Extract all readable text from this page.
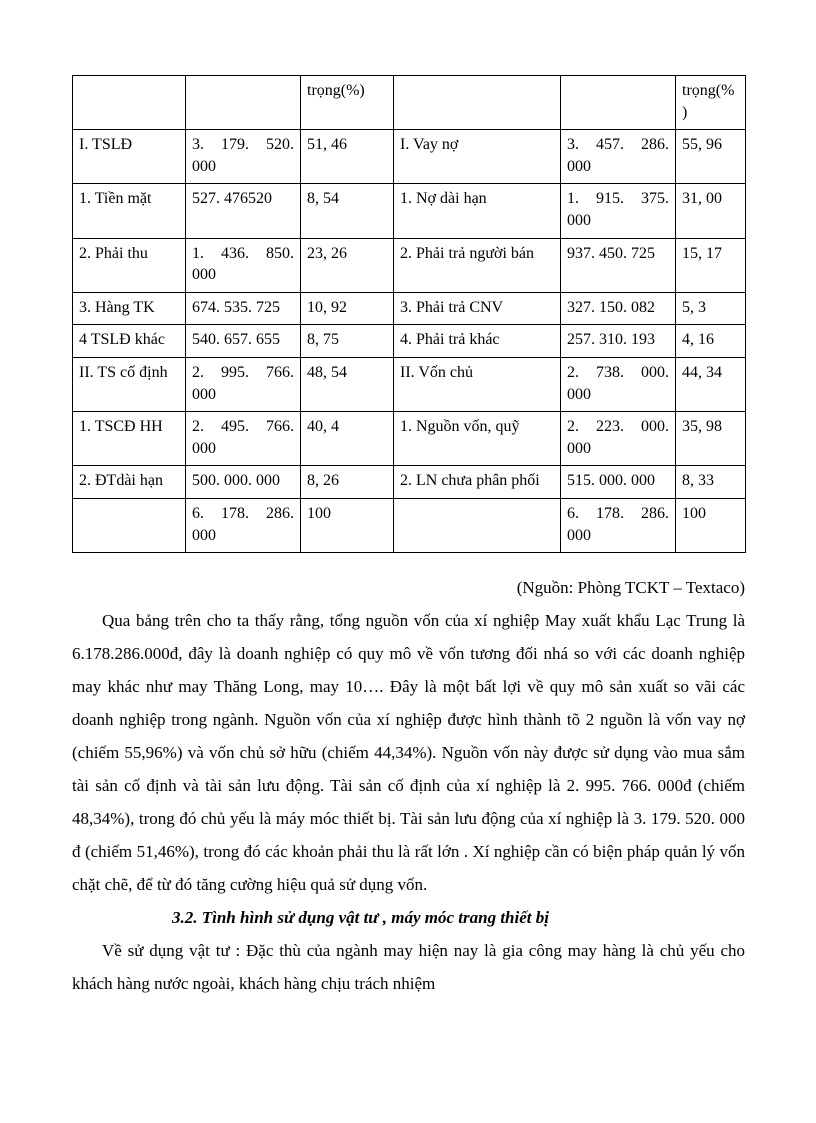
		trọng(%)			trọng(%)
I. TSLĐ	3. 179. 520. 000	51, 46	I. Vay nợ	3. 457. 286. 000	55, 96
1. Tiền mặt	527. 476520	8, 54	1. Nợ dài hạn	1. 915. 375. 000	31, 00
2. Phải thu	1. 436. 850. 000	23, 26	2. Phải trả người bán	937. 450. 725	15, 17
3. Hàng TK	674. 535. 725	10, 92	3. Phải trả CNV	327. 150. 082	5, 3
4 TSLĐ khác	540. 657. 655	8, 75	4. Phải trả khác	257. 310. 193	4, 16
II. TS cố định	2. 995. 766. 000	48, 54	II. Vốn chủ	2. 738. 000. 000	44, 34
1. TSCĐ HH	2. 495. 766. 000	40, 4	1. Nguồn vốn, quỹ	2. 223. 000. 000	35, 98
2. ĐTdài hạn	500. 000. 000	8, 26	2. LN chưa phân phối	515. 000. 000	8, 33
	6. 178. 286. 000	100		6. 178. 286. 000	100

(Nguồn: Phòng TCKT – Textaco)

Qua bảng trên cho ta thấy rằng, tổng nguồn vốn của xí nghiệp May xuất khẩu Lạc Trung là 6.178.286.000đ, đây là doanh nghiệp có quy mô về vốn tương đối nhá so với các doanh nghiệp may khác như may Thăng Long, may 10…. Đây là một bất lợi về quy mô sản xuất so vãi các doanh nghiệp trong ngành. Nguồn vốn của xí nghiệp được hình thành tõ 2 nguồn là vốn vay nợ (chiếm 55,96%) và vốn chủ sở hữu (chiếm 44,34%). Nguồn vốn này được sử dụng vào mua sắm tài sản cố định và tài sản lưu động. Tài sản cố định của xí nghiệp là 2. 995. 766. 000đ (chiếm 48,34%), trong đó chủ yếu là máy móc thiết bị. Tài sản lưu động của xí nghiệp là 3. 179. 520. 000 đ (chiếm 51,46%), trong đó các khoản phải thu là rất lớn . Xí nghiệp cần có biện pháp quản lý vốn chặt chẽ, để từ đó tăng cường hiệu quả sử dụng vốn.

3.2. Tình hình sử dụng vật tư , máy móc trang thiết bị

Về sử dụng vật tư : Đặc thù của ngành may hiện nay là gia công may hàng là chủ yếu cho khách hàng nước ngoài, khách hàng chịu trách nhiệm
